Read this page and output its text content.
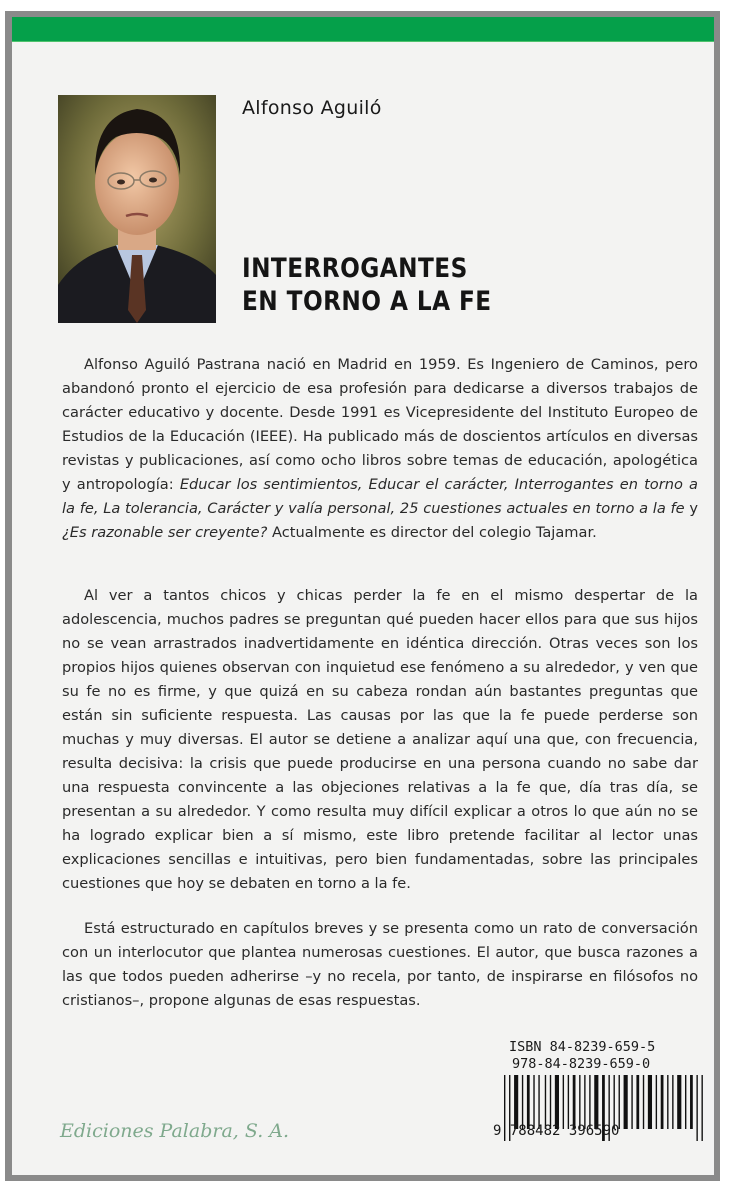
Alfonso Aguiló
INTERROGANTES
EN TORNO A LA FE

Alfonso Aguiló Pastrana nació en Madrid en 1959. Es Ingeniero de Caminos, pero abandonó pronto el ejercicio de esa profesión para dedicarse a diversos trabajos de carácter educativo y docente. Desde 1991 es Vicepresidente del Instituto Europeo de Estudios de la Educación (IEEE). Ha publicado más de doscientos artículos en diversas revistas y publicaciones, así como ocho libros sobre temas de educación, apologética y antropología: Educar los sentimientos, Educar el carácter, Interrogantes en torno a la fe, La tolerancia, Carácter y valía personal, 25 cuestiones actuales en torno a la fe y ¿Es razonable ser creyente? Actualmente es director del colegio Tajamar.

Al ver a tantos chicos y chicas perder la fe en el mismo despertar de la adolescencia, muchos padres se preguntan qué pueden hacer ellos para que sus hijos no se vean arrastrados inadvertidamente en idéntica dirección. Otras veces son los propios hijos quienes observan con inquietud ese fenómeno a su alrededor, y ven que su fe no es firme, y que quizá en su cabeza rondan aún bastantes preguntas que están sin suficiente respuesta. Las causas por las que la fe puede perderse son muchas y muy diversas. El autor se detiene a analizar aquí una que, con frecuencia, resulta decisiva: la crisis que puede producirse en una persona cuando no sabe dar una respuesta convincente a las objeciones relativas a la fe que, día tras día, se presentan a su alrededor. Y como resulta muy difícil explicar a otros lo que aún no se ha logrado explicar bien a sí mismo, este libro pretende facilitar al lector unas explicaciones sencillas e intuitivas, pero bien fundamentadas, sobre las principales cuestiones que hoy se debaten en torno a la fe.

Está estructurado en capítulos breves y se presenta como un rato de conversación con un interlocutor que plantea numerosas cuestiones. El autor, que busca razones a las que todos pueden adherirse –y no recela, por tanto, de inspirarse en filósofos no cristianos–, propone algunas de esas respuestas.

ISBN 84-8239-659-5
978-84-8239-659-0
9 788482 396590
Ediciones Palabra, S. A.
